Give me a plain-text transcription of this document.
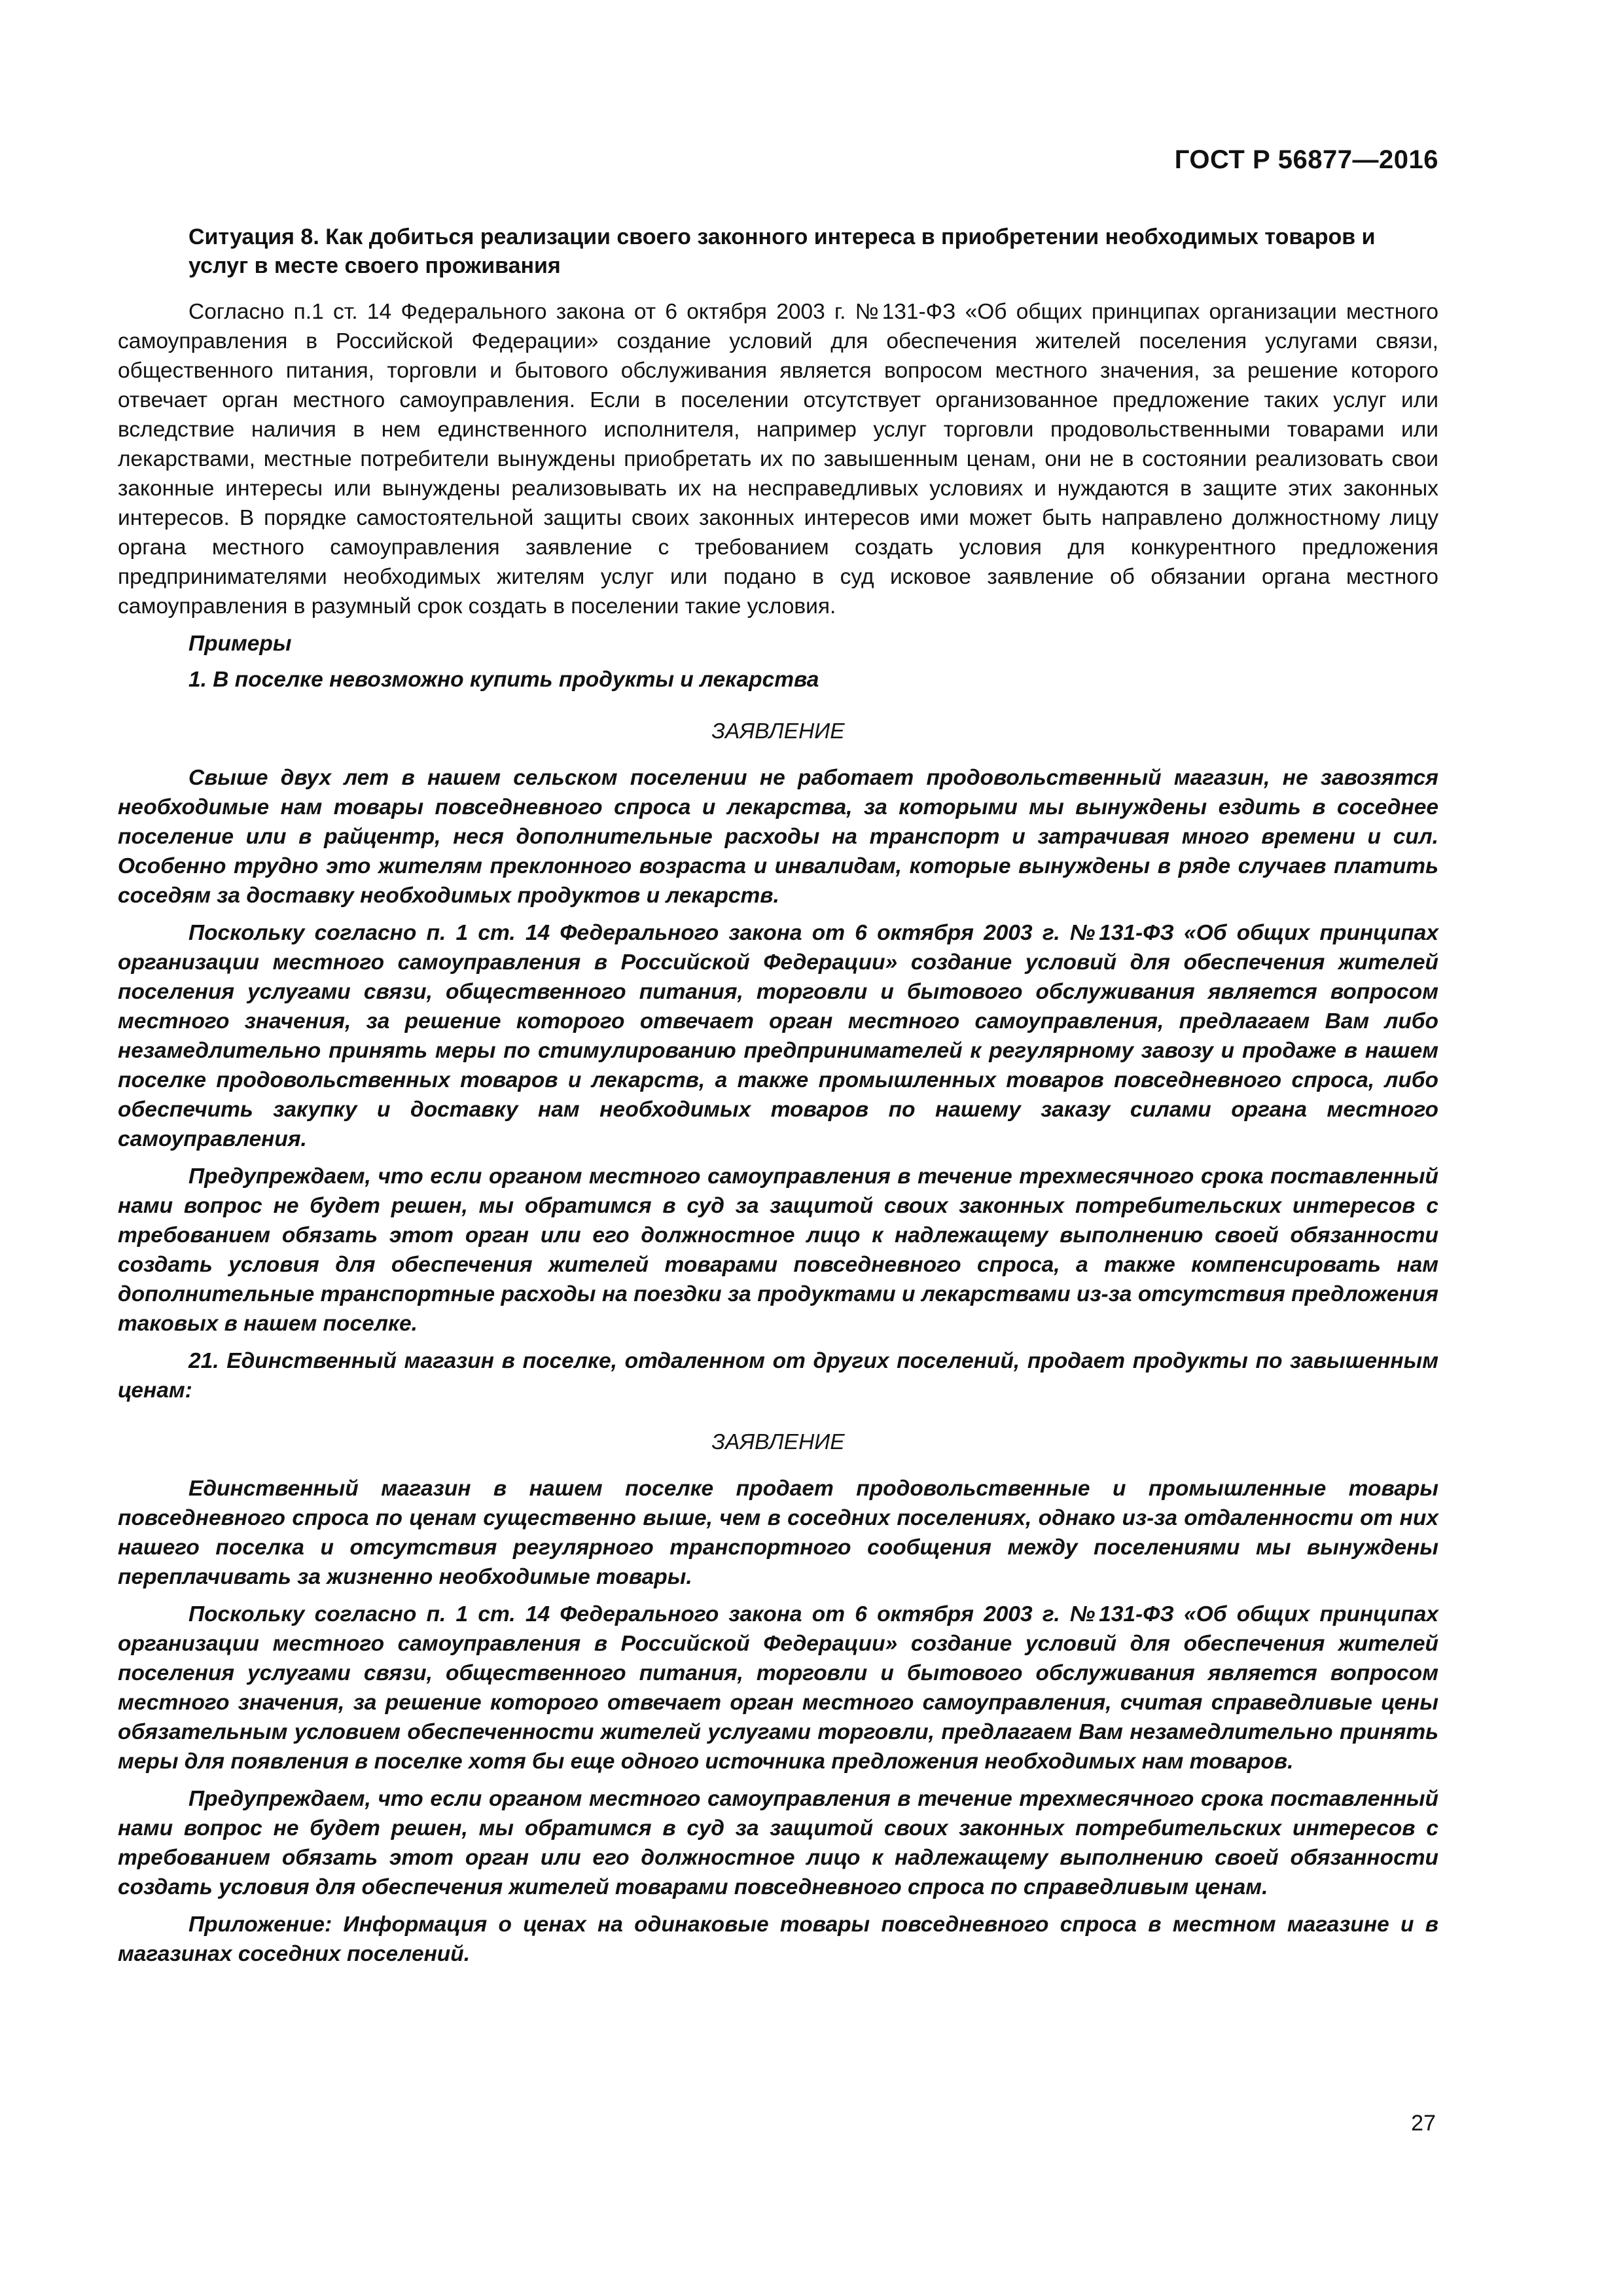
ГОСТ Р 56877—2016
Ситуация 8. Как добиться реализации своего законного интереса в приобретении необходимых товаров и услуг в месте своего проживания

Согласно п.1 ст. 14 Федерального закона от 6 октября 2003 г. №131-ФЗ «Об общих принципах организации местного самоуправления в Российской Федерации» создание условий для обеспечения жителей поселения услугами связи, общественного питания, торговли и бытового обслуживания является вопросом местного значения, за решение которого отвечает орган местного самоуправления. Если в поселении отсутствует организованное предложение таких услуг или вследствие наличия в нем единственного исполнителя, например услуг торговли продовольственными товарами или лекарствами, местные потребители вынуждены приобретать их по завышенным ценам, они не в состоянии реализовать свои законные интересы или вынуждены реализовывать их на несправедливых условиях и нуждаются в защите этих законных интересов. В порядке самостоятельной защиты своих законных интересов ими может быть направлено должностному лицу органа местного самоуправления заявление с требованием создать условия для конкурентного предложения предпринимателями необходимых жителям услуг или подано в суд исковое заявление об обязании органа местного самоуправления в разумный срок создать в поселении такие условия.

Примеры

1. В поселке невозможно купить продукты и лекарства

ЗАЯВЛЕНИЕ

Свыше двух лет в нашем сельском поселении не работает продовольственный магазин, не завозятся необходимые нам товары повседневного спроса и лекарства, за которыми мы вынуждены ездить в соседнее поселение или в райцентр, неся дополнительные расходы на транспорт и затрачивая много времени и сил. Особенно трудно это жителям преклонного возраста и инвалидам, которые вынуждены в ряде случаев платить соседям за доставку необходимых продуктов и лекарств.

Поскольку согласно п. 1 ст. 14 Федерального закона от 6 октября 2003 г. №131-ФЗ «Об общих принципах организации местного самоуправления в Российской Федерации» создание условий для обеспечения жителей поселения услугами связи, общественного питания, торговли и бытового обслуживания является вопросом местного значения, за решение которого отвечает орган местного самоуправления, предлагаем Вам либо незамедлительно принять меры по стимулированию предпринимателей к регулярному завозу и продаже в нашем поселке продовольственных товаров и лекарств, а также промышленных товаров повседневного спроса, либо обеспечить закупку и доставку нам необходимых товаров по нашему заказу силами органа местного самоуправления.

Предупреждаем, что если органом местного самоуправления в течение трехмесячного срока поставленный нами вопрос не будет решен, мы обратимся в суд за защитой своих законных потребительских интересов с требованием обязать этот орган или его должностное лицо к надлежащему выполнению своей обязанности создать условия для обеспечения жителей товарами повседневного спроса, а также компенсировать нам дополнительные транспортные расходы на поездки за продуктами и лекарствами из-за отсутствия предложения таковых в нашем поселке.

21. Единственный магазин в поселке, отдаленном от других поселений, продает продукты по завышенным ценам:

ЗАЯВЛЕНИЕ

Единственный магазин в нашем поселке продает продовольственные и промышленные товары повседневного спроса по ценам существенно выше, чем в соседних поселениях, однако из-за отдаленности от них нашего поселка и отсутствия регулярного транспортного сообщения между поселениями мы вынуждены переплачивать за жизненно необходимые товары.

Поскольку согласно п. 1 ст. 14 Федерального закона от 6 октября 2003 г. №131-ФЗ «Об общих принципах организации местного самоуправления в Российской Федерации» создание условий для обеспечения жителей поселения услугами связи, общественного питания, торговли и бытового обслуживания является вопросом местного значения, за решение которого отвечает орган местного самоуправления, считая справедливые цены обязательным условием обеспеченности жителей услугами торговли, предлагаем Вам незамедлительно принять меры для появления в поселке хотя бы еще одного источника предложения необходимых нам товаров.

Предупреждаем, что если органом местного самоуправления в течение трехмесячного срока поставленный нами вопрос не будет решен, мы обратимся в суд за защитой своих законных потребительских интересов с требованием обязать этот орган или его должностное лицо к надлежащему выполнению своей обязанности создать условия для обеспечения жителей товарами повседневного спроса по справедливым ценам.

Приложение: Информация о ценах на одинаковые товары повседневного спроса в местном магазине и в магазинах соседних поселений.

27
